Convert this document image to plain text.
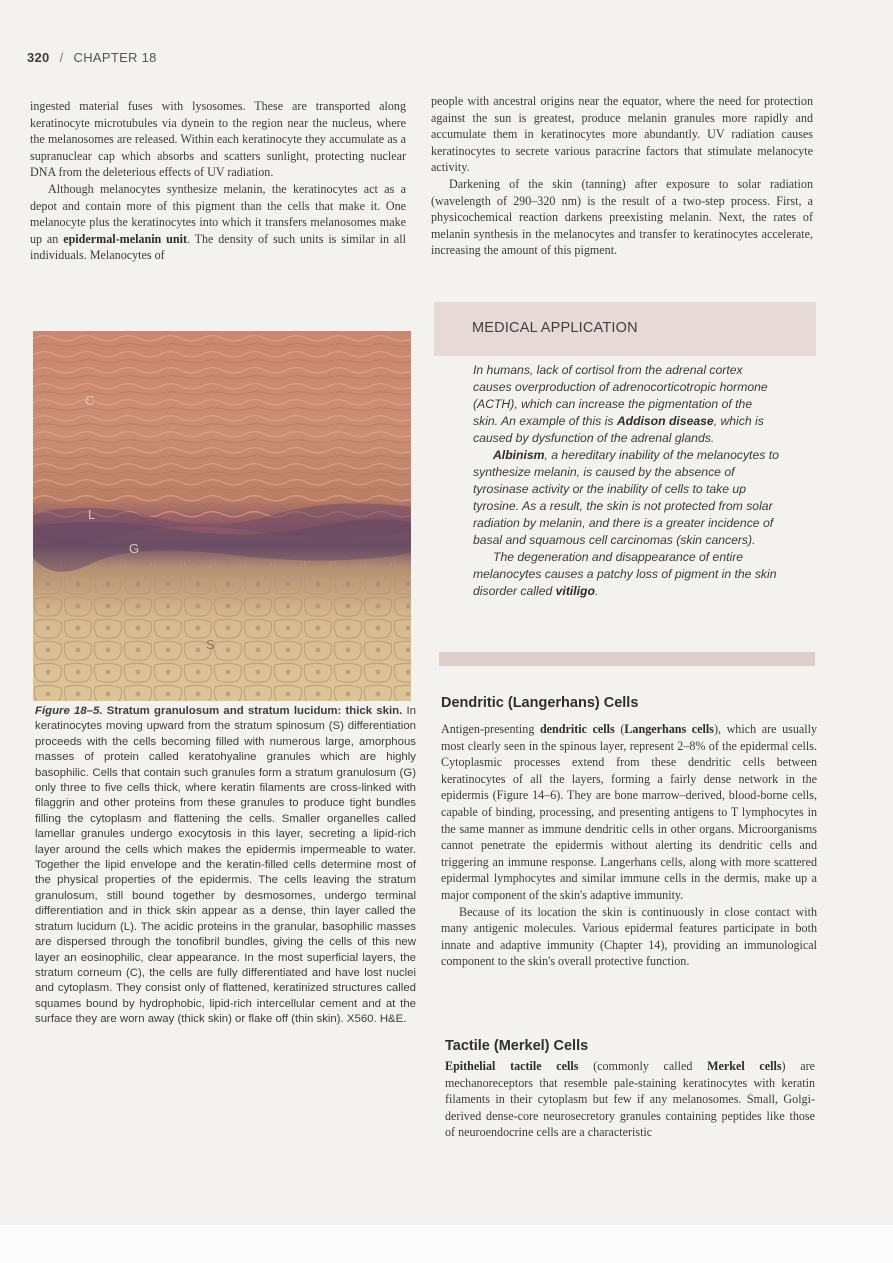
320 / CHAPTER 18

ingested material fuses with lysosomes. These are transported along keratinocyte microtubules via dynein to the region near the nucleus, where the melanosomes are released. Within each keratinocyte they accumulate as a supranuclear cap which absorbs and scatters sunlight, protecting nuclear DNA from the deleterious effects of UV radiation.

Although melanocytes synthesize melanin, the keratinocytes act as a depot and contain more of this pigment than the cells that make it. One melanocyte plus the keratinocytes into which it transfers melanosomes make up an epidermal-melanin unit. The density of such units is similar in all individuals. Melanocytes of

people with ancestral origins near the equator, where the need for protection against the sun is greatest, produce melanin granules more rapidly and accumulate them in keratinocytes more abundantly. UV radiation causes keratinocytes to secrete various paracrine factors that stimulate melanocyte activity.

Darkening of the skin (tanning) after exposure to solar radiation (wavelength of 290–320 nm) is the result of a two-step process. First, a physicochemical reaction darkens preexisting melanin. Next, the rates of melanin synthesis in the melanocytes and transfer to keratinocytes accelerate, increasing the amount of this pigment.

C
L
G
S
Figure 18–5. Stratum granulosum and stratum lucidum: thick skin. In keratinocytes moving upward from the stratum spinosum (S) differentiation proceeds with the cells becoming filled with numerous large, amorphous masses of protein called keratohyaline granules which are highly basophilic. Cells that contain such granules form a stratum granulosum (G) only three to five cells thick, where keratin filaments are cross-linked with filaggrin and other proteins from these granules to produce tight bundles filling the cytoplasm and flattening the cells. Smaller organelles called lamellar granules undergo exocytosis in this layer, secreting a lipid-rich layer around the cells which makes the epidermis impermeable to water. Together the lipid envelope and the keratin-filled cells determine most of the physical properties of the epidermis. The cells leaving the stratum granulosum, still bound together by desmosomes, undergo terminal differentiation and in thick skin appear as a dense, thin layer called the stratum lucidum (L). The acidic proteins in the granular, basophilic masses are dispersed through the tonofibril bundles, giving the cells of this new layer an eosinophilic, clear appearance. In the most superficial layers, the stratum corneum (C), the cells are fully differentiated and have lost nuclei and cytoplasm. They consist only of flattened, keratinized structures called squames bound by hydrophobic, lipid-rich intercellular cement and at the surface they are worn away (thick skin) or flake off (thin skin). X560. H&E.
MEDICAL APPLICATION

In humans, lack of cortisol from the adrenal cortex causes overproduction of adrenocorticotropic hormone (ACTH), which can increase the pigmentation of the skin. An example of this is Addison disease, which is caused by dysfunction of the adrenal glands.

Albinism, a hereditary inability of the melanocytes to synthesize melanin, is caused by the absence of tyrosinase activity or the inability of cells to take up tyrosine. As a result, the skin is not protected from solar radiation by melanin, and there is a greater incidence of basal and squamous cell carcinomas (skin cancers).

The degeneration and disappearance of entire melanocytes causes a patchy loss of pigment in the skin disorder called vitiligo.

Dendritic (Langerhans) Cells

Antigen-presenting dendritic cells (Langerhans cells), which are usually most clearly seen in the spinous layer, represent 2–8% of the epidermal cells. Cytoplasmic processes extend from these dendritic cells between keratinocytes of all the layers, forming a fairly dense network in the epidermis (Figure 14–6). They are bone marrow–derived, blood-borne cells, capable of binding, processing, and presenting antigens to T lymphocytes in the same manner as immune dendritic cells in other organs. Microorganisms cannot penetrate the epidermis without alerting its dendritic cells and triggering an immune response. Langerhans cells, along with more scattered epidermal lymphocytes and similar immune cells in the dermis, make up a major component of the skin's adaptive immunity.

Because of its location the skin is continuously in close contact with many antigenic molecules. Various epidermal features participate in both innate and adaptive immunity (Chapter 14), providing an immunological component to the skin's overall protective function.

Tactile (Merkel) Cells

Epithelial tactile cells (commonly called Merkel cells) are mechanoreceptors that resemble pale-staining keratinocytes with keratin filaments in their cytoplasm but few if any melanosomes. Small, Golgi-derived dense-core neurosecretory granules containing peptides like those of neuroendocrine cells are a characteristic
